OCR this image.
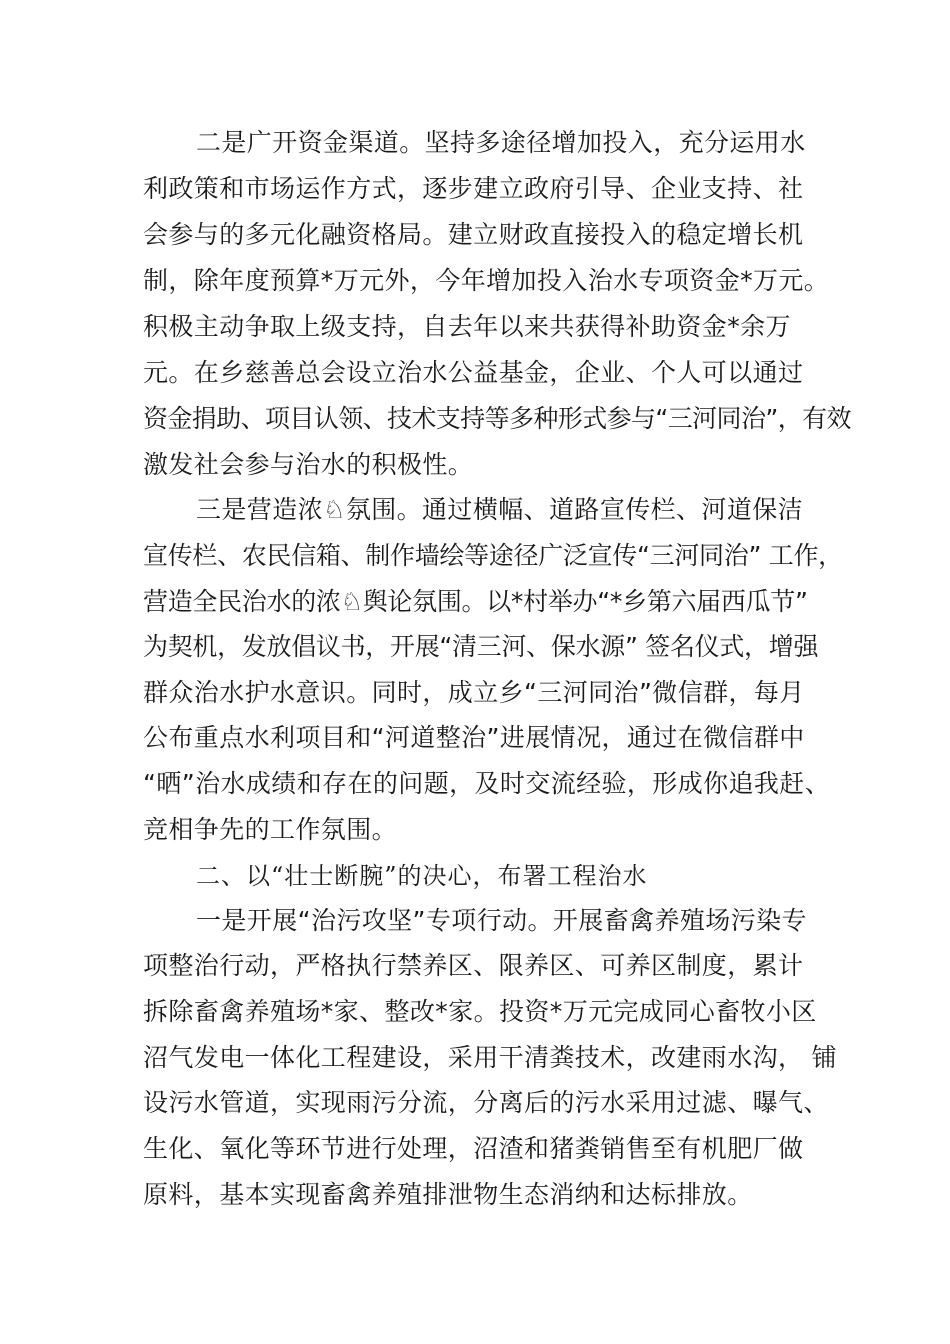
二是广开资金渠道。坚持多途径增加投入，充分运用水

利政策和市场运作方式，逐步建立政府引导、企业支持、社

会参与的多元化融资格局。建立财政直接投入的稳定增长机

制，除年度预算*万元外，今年增加投入治水专项资金*万元。

积极主动争取上级支持，自去年以来共获得补助资金*余万

元。在乡慈善总会设立治水公益基金，企业、个人可以通过

资金捐助、项目认领、技术支持等多种形式参与“三河同治”，有效

激发社会参与治水的积极性。

三是营造浓♘氛围。通过横幅、道路宣传栏、河道保洁

宣传栏、农民信箱、制作墙绘等途径广泛宣传“三河同治” 工作，

营造全民治水的浓♘舆论氛围。以*村举办“*乡第六届西瓜节”

为契机，发放倡议书，开展“清三河、保水源” 签名仪式，增强

群众治水护水意识。同时，成立乡“三河同治”微信群，每月

公布重点水利项目和“河道整治”进展情况，通过在微信群中

“晒”治水成绩和存在的问题，及时交流经验，形成你追我赶、

竞相争先的工作氛围。

二、以“壮士断腕”的决心，布署工程治水

一是开展“治污攻坚”专项行动。开展畜禽养殖场污染专

项整治行动，严格执行禁养区、限养区、可养区制度，累计

拆除畜禽养殖场*家、整改*家。投资*万元完成同心畜牧小区

沼气发电一体化工程建设，采用干清粪技术，改建雨水沟， 铺

设污水管道，实现雨污分流，分离后的污水采用过滤、曝气、

生化、氧化等环节进行处理，沼渣和猪粪销售至有机肥厂做

原料，基本实现畜禽养殖排泄物生态消纳和达标排放。
